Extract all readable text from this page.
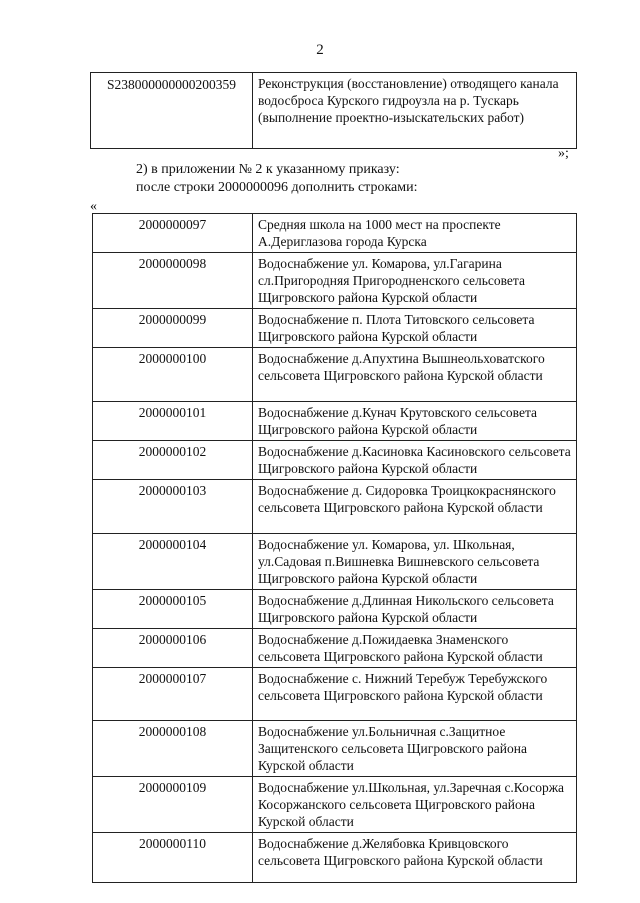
2
S238000000000200359	Реконструкция (восстановление) отводящего канала водосброса Курского гидроузла на р. Тускарь (выполнение проектно-изыскательских работ)
»;
2) в приложении № 2 к указанному приказу:
после строки 2000000096 дополнить строками:
«
2000000097	Средняя школа на 1000 мест на проспекте А.Дериглазова города Курска
2000000098	Водоснабжение ул. Комарова, ул.Гагарина сл.Пригородняя Пригородненского сельсовета Щигровского района Курской области
2000000099	Водоснабжение п. Плота Титовского сельсовета Щигровского района Курской области
2000000100	Водоснабжение д.Апухтина Вышнеольховатского сельсовета Щигровского района Курской области
2000000101	Водоснабжение д.Кунач Крутовского сельсовета Щигровского района Курской области
2000000102	Водоснабжение д.Касиновка Касиновского сельсовета Щигровского района Курской области
2000000103	Водоснабжение д. Сидоровка Троицкокраснянского сельсовета Щигровского района Курской области
2000000104	Водоснабжение ул. Комарова, ул. Школьная, ул.Садовая п.Вишневка Вишневского сельсовета Щигровского района Курской области
2000000105	Водоснабжение д.Длинная Никольского сельсовета Щигровского района Курской области
2000000106	Водоснабжение д.Пожидаевка Знаменского сельсовета Щигровского района Курской области
2000000107	Водоснабжение с. Нижний Теребуж Теребужского сельсовета Щигровского района Курской области
2000000108	Водоснабжение ул.Больничная с.Защитное Защитенского сельсовета Щигровского района Курской области
2000000109	Водоснабжение ул.Школьная, ул.Заречная с.Косоржа Косоржанского сельсовета Щигровского района Курской области
2000000110	Водоснабжение д.Желябовка Кривцовского сельсовета Щигровского района Курской области
